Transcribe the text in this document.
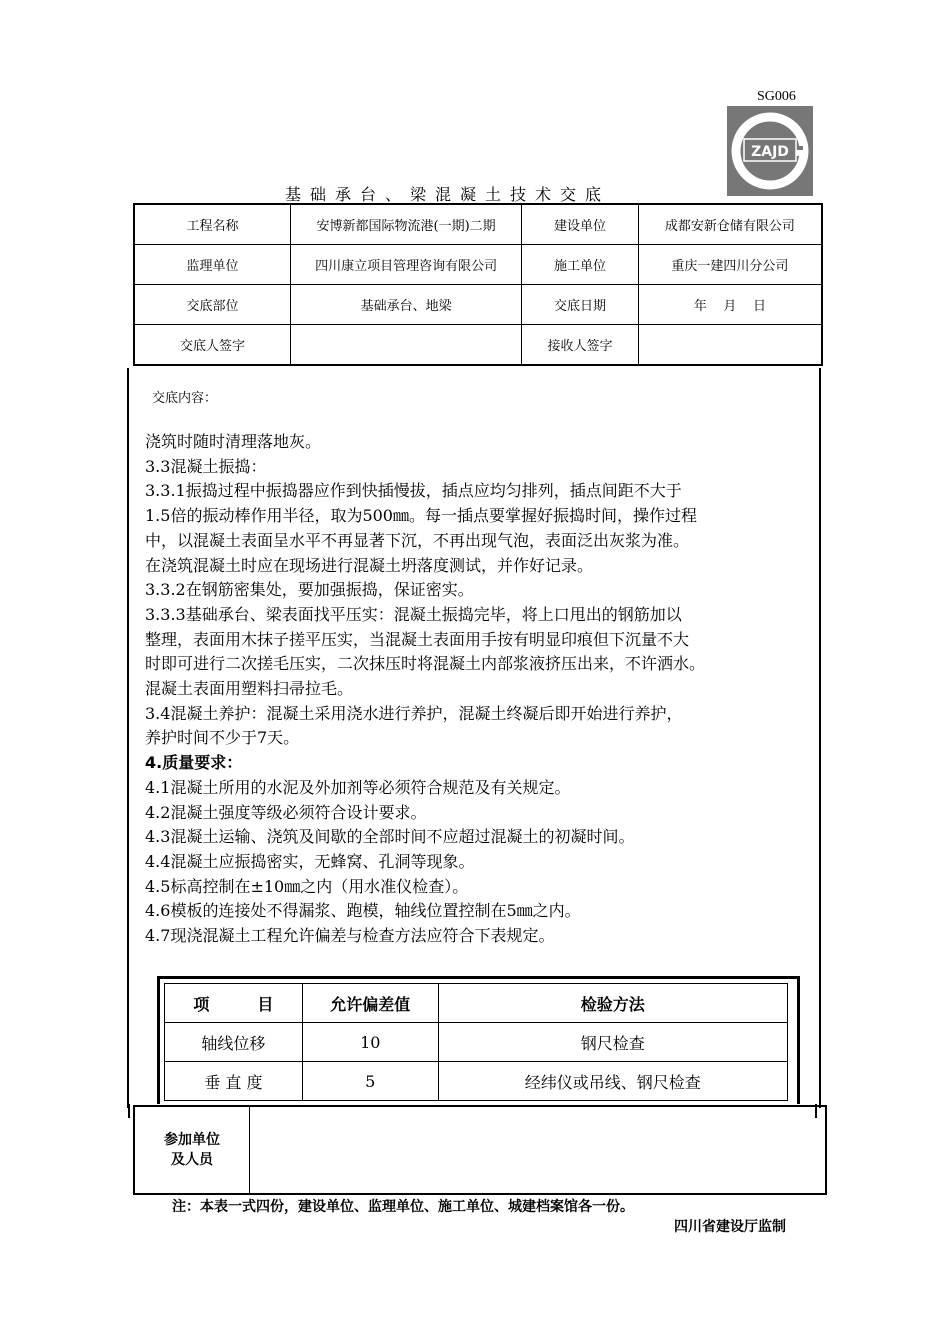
SG006
ZAJD
基础承台、梁混凝土技术交底
工程名称	安博新都国际物流港(一期)二期	建设单位	成都安新仓储有限公司
监理单位	四川康立项目管理咨询有限公司	施工单位	重庆一建四川分公司
交底部位	基础承台、地梁	交底日期	年    月    日
交底人签字		接收人签字	
交底内容：
浇筑时随时清理落地灰。
3.3混凝土振捣：
3.3.1振捣过程中振捣器应作到快插慢拔，插点应均匀排列，插点间距不大于
1.5倍的振动棒作用半径，取为500㎜。每一插点要掌握好振捣时间，操作过程
中，以混凝土表面呈水平不再显著下沉，不再出现气泡，表面泛出灰浆为准。
在浇筑混凝土时应在现场进行混凝土坍落度测试，并作好记录。
3.3.2在钢筋密集处，要加强振捣，保证密实。
3.3.3基础承台、梁表面找平压实：混凝土振捣完毕，将上口甩出的钢筋加以
整理，表面用木抹子搓平压实，当混凝土表面用手按有明显印痕但下沉量不大
时即可进行二次搓毛压实，二次抹压时将混凝土内部浆液挤压出来，不许洒水。
混凝土表面用塑料扫帚拉毛。
3.4混凝土养护：混凝土采用浇水进行养护，混凝土终凝后即开始进行养护，
养护时间不少于7天。
4.质量要求：
4.1混凝土所用的水泥及外加剂等必须符合规范及有关规定。
4.2混凝土强度等级必须符合设计要求。
4.3混凝土运输、浇筑及间歇的全部时间不应超过混凝土的初凝时间。
4.4混凝土应振捣密实，无蜂窝、孔洞等现象。
4.5标高控制在±10㎜之内（用水准仪检查）。
4.6模板的连接处不得漏浆、跑模，轴线位置控制在5㎜之内。
4.7现浇混凝土工程允许偏差与检查方法应符合下表规定。
项　　　目	允许偏差值	检验方法
轴线位移	10	钢尺检查
垂 直 度	5	经纬仪或吊线、钢尺检查
参加单位
及人员
注：本表一式四份，建设单位、监理单位、施工单位、城建档案馆各一份。
四川省建设厅监制
